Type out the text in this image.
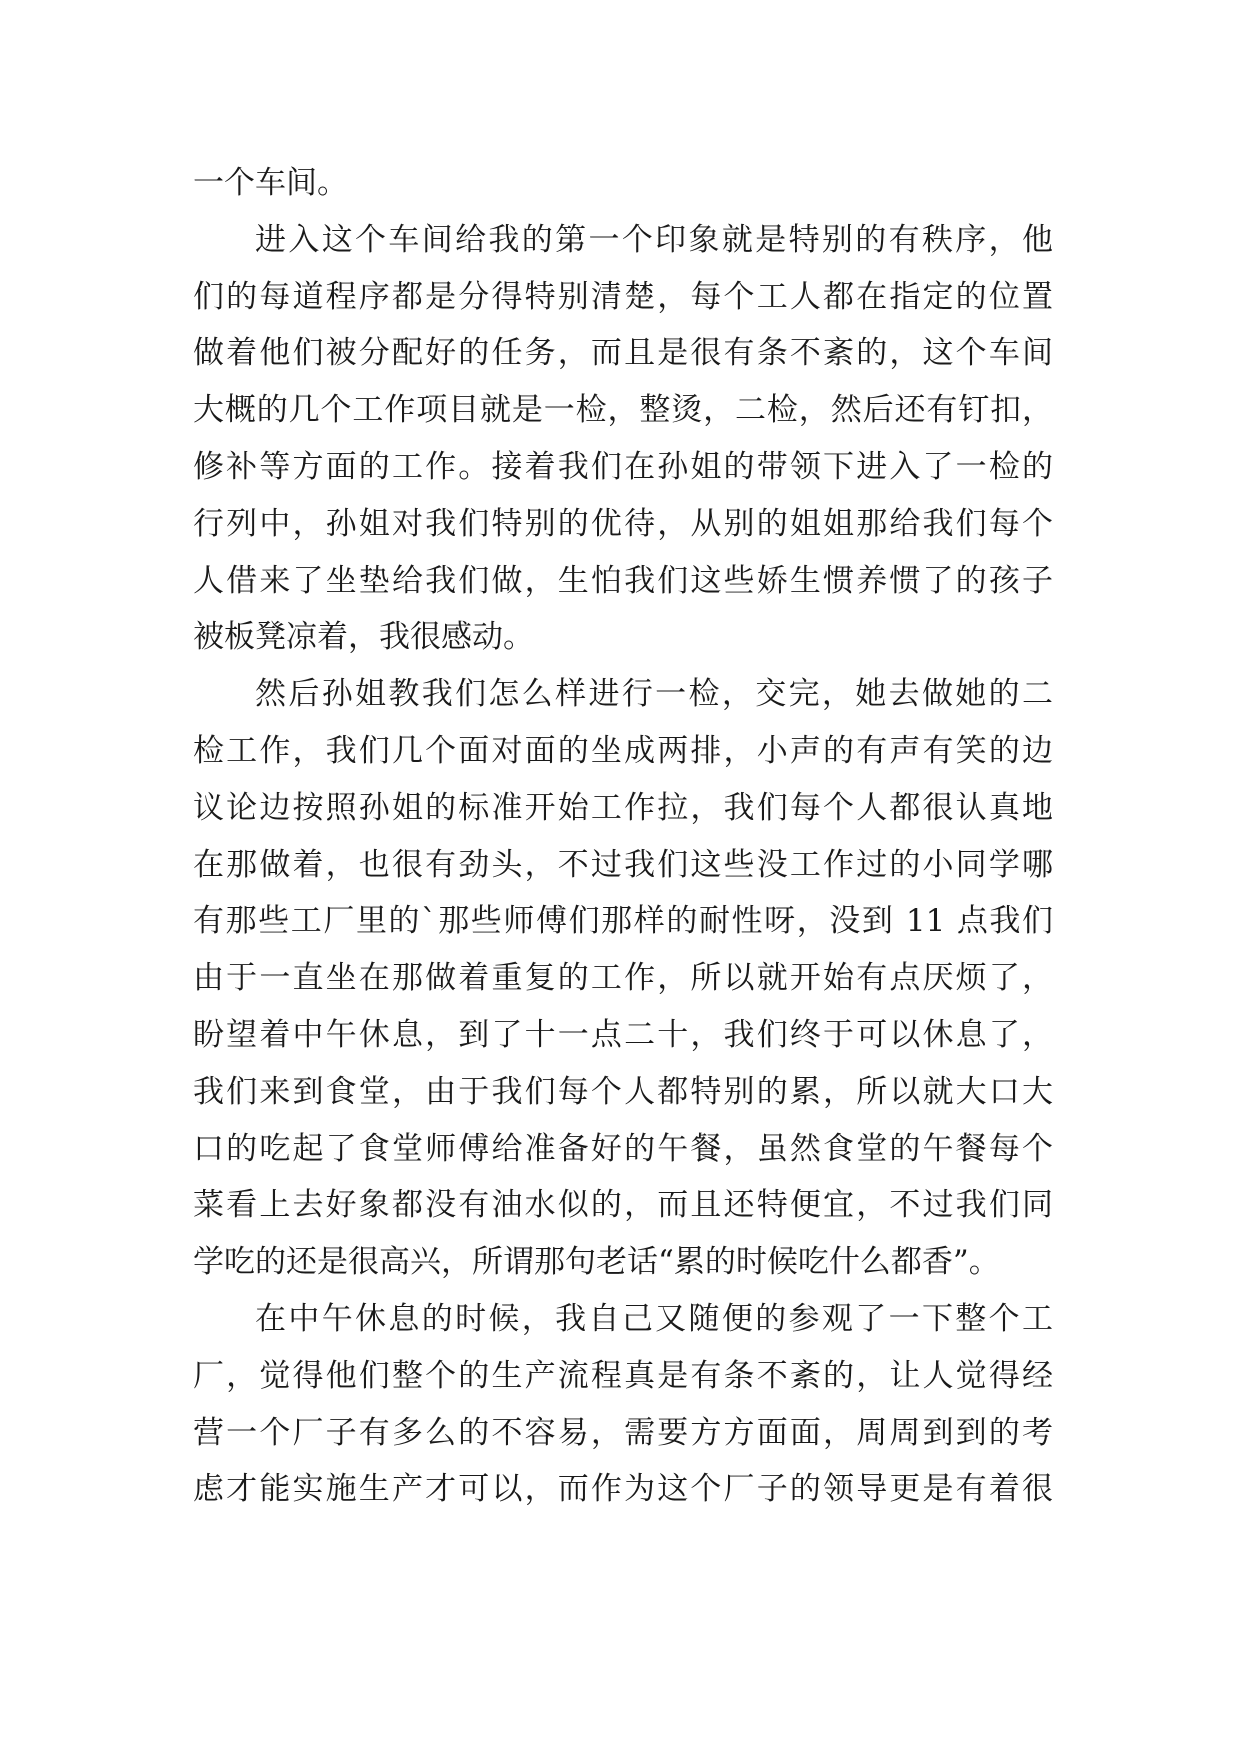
一个车间。
进入这个车间给我的第一个印象就是特别的有秩序，他
们的每道程序都是分得特别清楚，每个工人都在指定的位置
做着他们被分配好的任务，而且是很有条不紊的，这个车间
大概的几个工作项目就是一检，整烫，二检，然后还有钉扣，
修补等方面的工作。接着我们在孙姐的带领下进入了一检的
行列中，孙姐对我们特别的优待，从别的姐姐那给我们每个
人借来了坐垫给我们做，生怕我们这些娇生惯养惯了的孩子
被板凳凉着，我很感动。
然后孙姐教我们怎么样进行一检，交完，她去做她的二
检工作，我们几个面对面的坐成两排，小声的有声有笑的边
议论边按照孙姐的标准开始工作拉，我们每个人都很认真地
在那做着，也很有劲头，不过我们这些没工作过的小同学哪
有那些工厂里的`那些师傅们那样的耐性呀，没到 11 点我们
由于一直坐在那做着重复的工作，所以就开始有点厌烦了，
盼望着中午休息，到了十一点二十，我们终于可以休息了，
我们来到食堂，由于我们每个人都特别的累，所以就大口大
口的吃起了食堂师傅给准备好的午餐，虽然食堂的午餐每个
菜看上去好象都没有油水似的，而且还特便宜，不过我们同
学吃的还是很高兴，所谓那句老话“累的时候吃什么都香”。
在中午休息的时候，我自己又随便的参观了一下整个工
厂，觉得他们整个的生产流程真是有条不紊的，让人觉得经
营一个厂子有多么的不容易，需要方方面面，周周到到的考
虑才能实施生产才可以，而作为这个厂子的领导更是有着很
